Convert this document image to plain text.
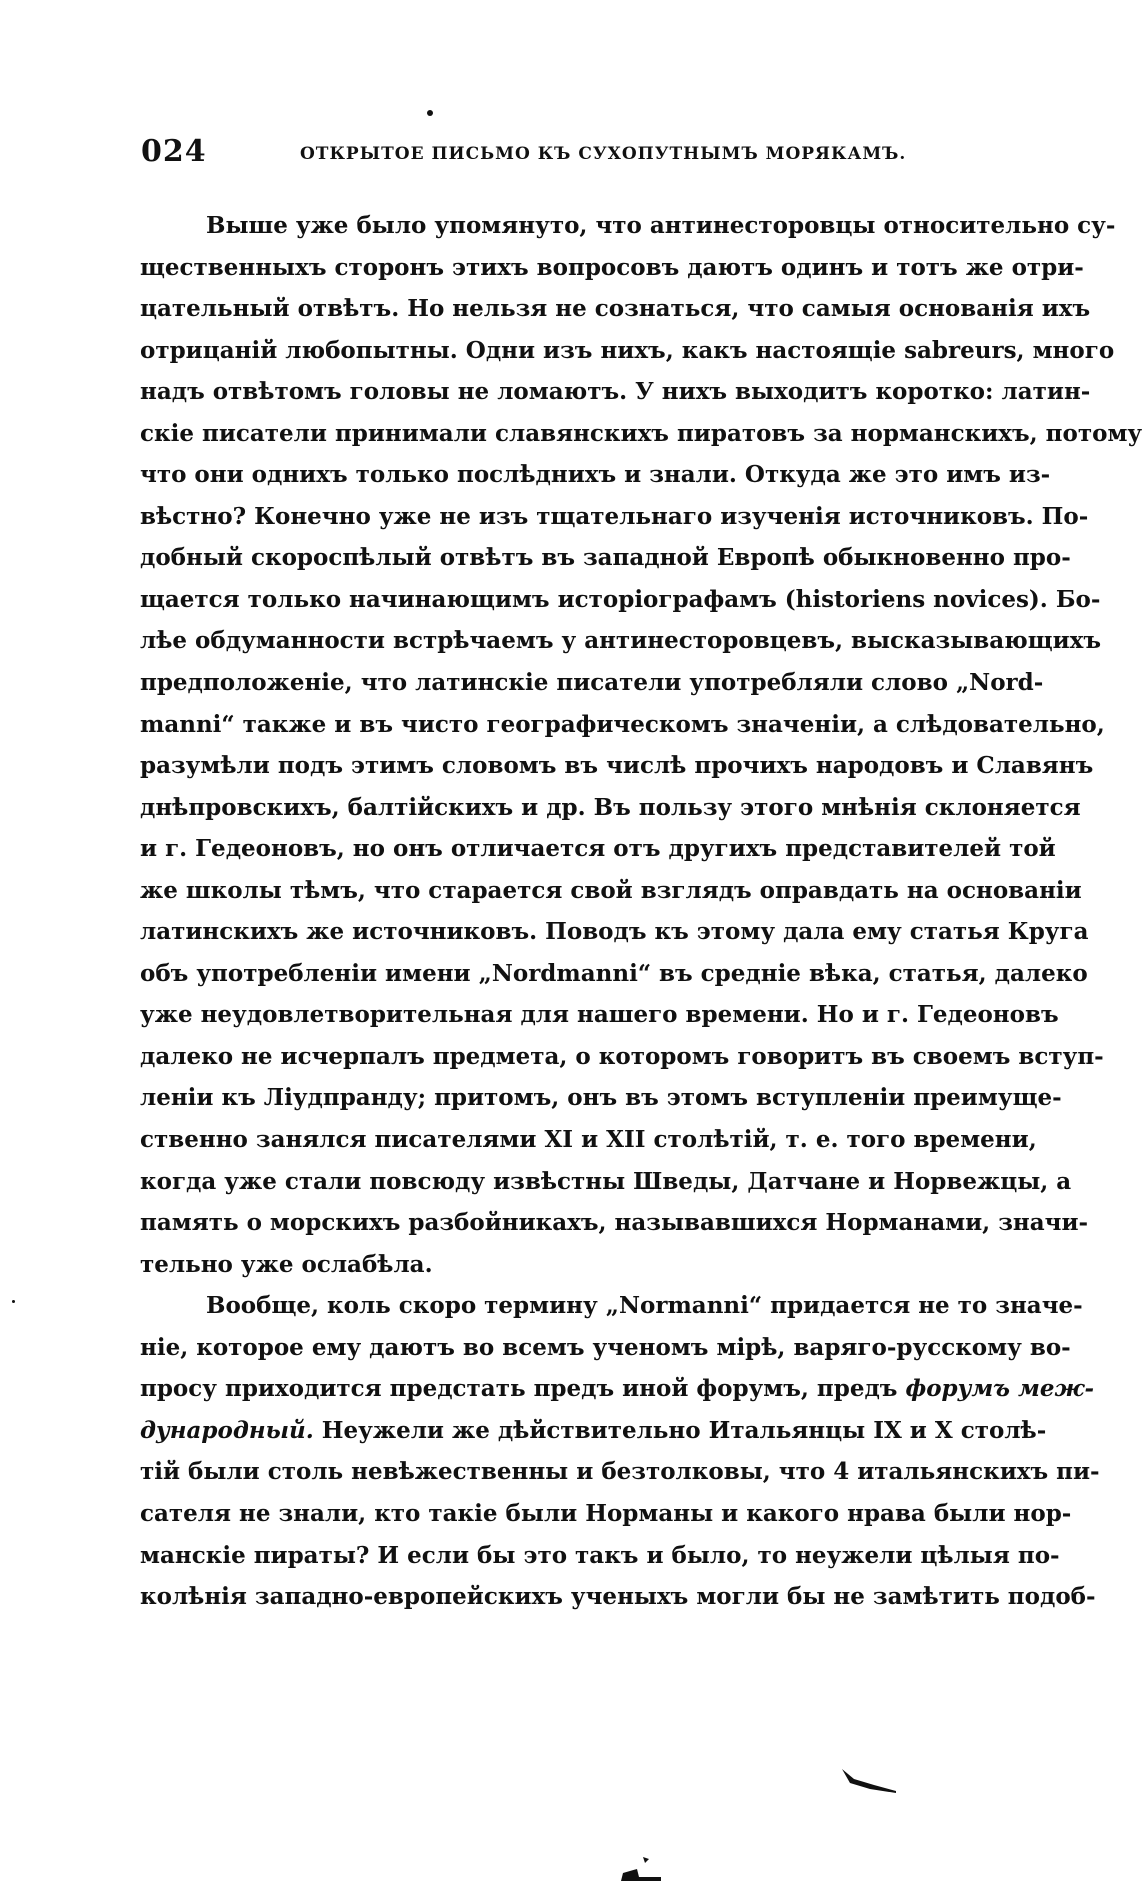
024	ОТКРЫТОЕ ПИСЬМО КЪ СУХОПУТНЫМЪ МОРЯКАМЪ.
Выше уже было упомянуто, что антинесторовцы относительно су-
щественныхъ сторонъ этихъ вопросовъ даютъ одинъ и тотъ же отри-
цательный отвѣтъ. Но нельзя не сознаться, что самыя основанія ихъ
отрицаній любопытны. Одни изъ нихъ, какъ настоящіе sabreurs, много
надъ отвѣтомъ головы не ломаютъ. У нихъ выходитъ коротко: латин-
скіе писатели принимали славянскихъ пиратовъ за норманскихъ, потому
что они однихъ только послѣднихъ и знали. Откуда же это имъ из-
вѣстно? Конечно уже не изъ тщательнаго изученія источниковъ. По-
добный скороспѣлый отвѣтъ въ западной Европѣ обыкновенно про-
щается только начинающимъ исторіографамъ (historiens novices). Бо-
лѣе обдуманности встрѣчаемъ у антинесторовцевъ, высказывающихъ
предположеніе, что латинскіе писатели употребляли слово „Nord-
manni“ также и въ чисто географическомъ значеніи, а слѣдовательно,
разумѣли подъ этимъ словомъ въ числѣ прочихъ народовъ и Славянъ
днѣпровскихъ, балтійскихъ и др. Въ пользу этого мнѣнія склоняется
и г. Гедеоновъ, но онъ отличается отъ другихъ представителей той
же школы тѣмъ, что старается свой взглядъ оправдать на основаніи
латинскихъ же источниковъ. Поводъ къ этому дала ему статья Круга
объ употребленіи имени „Nordmanni“ въ средніе вѣка, статья, далеко
уже неудовлетворительная для нашего времени. Но и г. Гедеоновъ
далеко не исчерпалъ предмета, о которомъ говоритъ въ своемъ вступ-
леніи къ Ліудпранду; притомъ, онъ въ этомъ вступленіи преимуще-
ственно занялся писателями XI и XII столѣтій, т. е. того времени,
когда уже стали повсюду извѣстны Шведы, Датчане и Норвежцы, а
память о морскихъ разбойникахъ, называвшихся Норманами, значи-
тельно уже ослабѣла.
Вообще, коль скоро термину „Normanni“ придается не то значе-
ніе, которое ему даютъ во всемъ ученомъ мірѣ, варяго-русскому во-
просу приходится предстать предъ иной форумъ, предъ форумъ меж-
дународный. Неужели же дѣйствительно Итальянцы IX и X столѣ-
тій были столь невѣжественны и безтолковы, что 4 итальянскихъ пи-
сателя не знали, кто такіе были Норманы и какого нрава были нор-
манскіе пираты? И если бы это такъ и было, то неужели цѣлыя по-
колѣнія западно-европейскихъ ученыхъ могли бы не замѣтить подоб-
